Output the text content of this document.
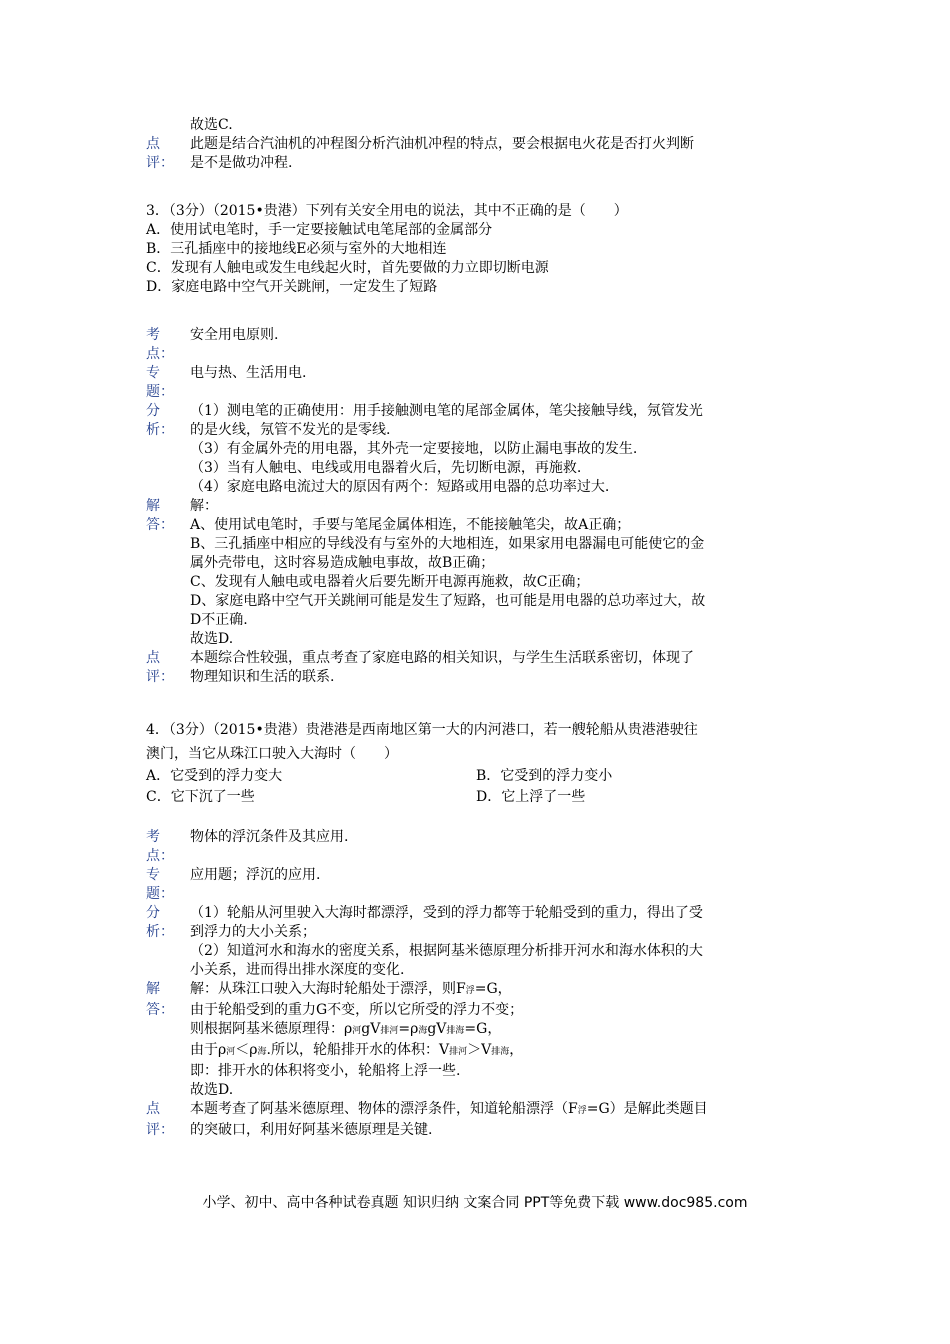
故选C.
点	此题是结合汽油机的冲程图分析汽油机冲程的特点，要会根据电火花是否打火判断
评：	是不是做功冲程.
3．（3分）（2015•贵港）下列有关安全用电的说法，其中不正确的是（　　）
A．使用试电笔时，手一定要接触试电笔尾部的金属部分
B．三孔插座中的接地线E必须与室外的大地相连
C．发现有人触电或发生电线起火时，首先要做的力立即切断电源
D．家庭电路中空气开关跳闸，一定发生了短路
考	安全用电原则.
点：
专	电与热、生活用电.
题：
分	（1）测电笔的正确使用：用手接触测电笔的尾部金属体，笔尖接触导线，氖管发光
析：	的是火线，氖管不发光的是零线.
（3）有金属外壳的用电器，其外壳一定要接地，以防止漏电事故的发生.
（3）当有人触电、电线或用电器着火后，先切断电源，再施救.
（4）家庭电路电流过大的原因有两个：短路或用电器的总功率过大.
解	解：
答：	A、使用试电笔时，手要与笔尾金属体相连，不能接触笔尖，故A正确；
B、三孔插座中相应的导线没有与室外的大地相连，如果家用电器漏电可能使它的金
属外壳带电，这时容易造成触电事故，故B正确；
C、发现有人触电或电器着火后要先断开电源再施救，故C正确；
D、家庭电路中空气开关跳闸可能是发生了短路，也可能是用电器的总功率过大，故
D不正确.
故选D.
点	本题综合性较强，重点考查了家庭电路的相关知识，与学生生活联系密切，体现了
评：	物理知识和生活的联系.
4．（3分）（2015•贵港）贵港港是西南地区第一大的内河港口，若一艘轮船从贵港港驶往
澳门，当它从珠江口驶入大海时（　　）
A．它受到的浮力变大	B．它受到的浮力变小
C．它下沉了一些	D．它上浮了一些
考	物体的浮沉条件及其应用.
点：
专	应用题；浮沉的应用.
题：
分	（1）轮船从河里驶入大海时都漂浮，受到的浮力都等于轮船受到的重力，得出了受
析：	到浮力的大小关系；
（2）知道河水和海水的密度关系，根据阿基米德原理分析排开河水和海水体积的大
小关系，进而得出排水深度的变化.
解	解：从珠江口驶入大海时轮船处于漂浮，则F浮=G，
答：	由于轮船受到的重力G不变，所以它所受的浮力不变；
则根据阿基米德原理得：ρ河gV排河=ρ海gV排海=G，
由于ρ河＜ρ海.所以，轮船排开水的体积：V排河＞V排海，
即：排开水的体积将变小，轮船将上浮一些.
故选D.
点	本题考查了阿基米德原理、物体的漂浮条件，知道轮船漂浮（F浮=G）是解此类题目
评：	的突破口，利用好阿基米德原理是关键.
小学、初中、高中各种试卷真题 知识归纳 文案合同 PPT等免费下载 www.doc985.com
